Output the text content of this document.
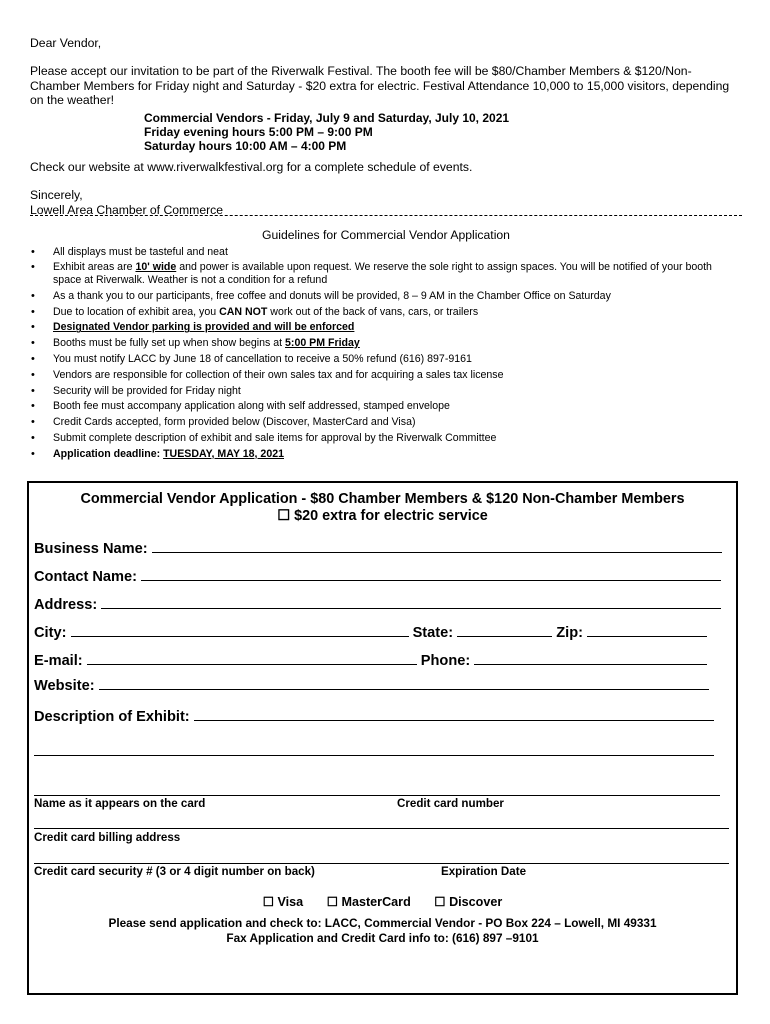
Dear Vendor,

Please accept our invitation to be part of the Riverwalk Festival. The booth fee will be $80/Chamber Members & $120/Non-Chamber Members for Friday night and Saturday - $20 extra for electric. Festival Attendance 10,000 to 15,000 visitors, depending on the weather!

Commercial Vendors - Friday, July 9 and Saturday, July 10, 2021
Friday evening hours 5:00 PM – 9:00 PM
Saturday hours 10:00 AM – 4:00 PM

Check our website at www.riverwalkfestival.org for a complete schedule of events.

Sincerely,
Lowell Area Chamber of Commerce
Guidelines for Commercial Vendor Application
• All displays must be tasteful and neat
• Exhibit areas are 10' wide and power is available upon request. We reserve the sole right to assign spaces. You will be notified of your booth space at Riverwalk. Weather is not a condition for a refund
• As a thank you to our participants, free coffee and donuts will be provided, 8 – 9 AM in the Chamber Office on Saturday
• Due to location of exhibit area, you CAN NOT work out of the back of vans, cars, or trailers
• Designated Vendor parking is provided and will be enforced
• Booths must be fully set up when show begins at 5:00 PM Friday
• You must notify LACC by June 18 of cancellation to receive a 50% refund (616) 897-9161
• Vendors are responsible for collection of their own sales tax and for acquiring a sales tax license
• Security will be provided for Friday night
• Booth fee must accompany application along with self addressed, stamped envelope
• Credit Cards accepted, form provided below (Discover, MasterCard and Visa)
• Submit complete description of exhibit and sale items for approval by the Riverwalk Committee
• Application deadline: TUESDAY, MAY 18, 2021
Commercial Vendor Application - $80 Chamber Members & $120 Non-Chamber Members
☐ $20 extra for electric service
Business Name:
Contact Name:
Address:
City:	State:	Zip:
E-mail:	Phone:
Website:
Description of Exhibit:
Name as it appears on the card	Credit card number
Credit card billing address
Credit card security # (3 or 4 digit number on back)	Expiration Date
☐ Visa ☐ MasterCard ☐ Discover
Please send application and check to: LACC, Commercial Vendor - PO Box 224 – Lowell, MI 49331
Fax Application and Credit Card info to: (616) 897 –9101
